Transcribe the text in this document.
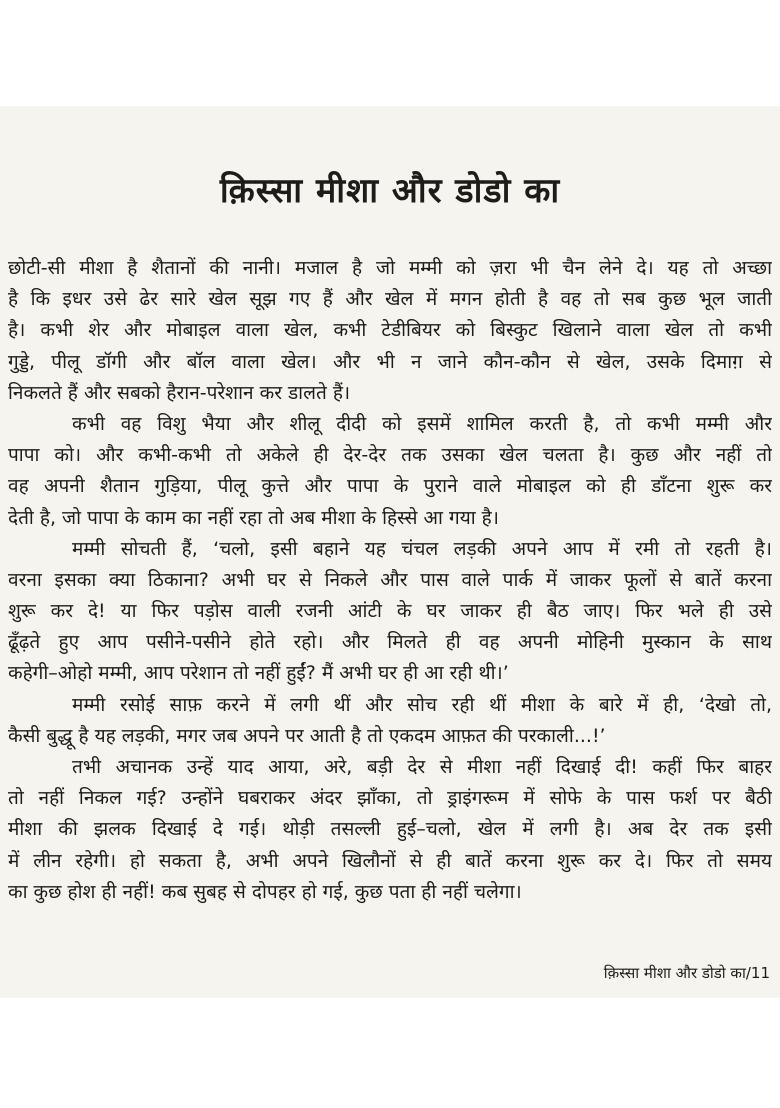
क़िस्सा मीशा और डोडो का
छोटी-सी मीशा है शैतानों की नानी। मजाल है जो मम्मी को ज़रा भी चैन लेने दे। यह तो अच्छा
है कि इधर उसे ढेर सारे खेल सूझ गए हैं और खेल में मगन होती है वह तो सब कुछ भूल जाती
है। कभी शेर और मोबाइल वाला खेल, कभी टेडीबियर को बिस्कुट खिलाने वाला खेल तो कभी
गुड्डे, पीलू डॉगी और बॉल वाला खेल। और भी न जाने कौन-कौन से खेल, उसके दिमाग़ से
निकलते हैं और सबको हैरान-परेशान कर डालते हैं।
कभी वह विशु भैया और शीलू दीदी को इसमें शामिल करती है, तो कभी मम्मी और
पापा को। और कभी-कभी तो अकेले ही देर-देर तक उसका खेल चलता है। कुछ और नहीं तो
वह अपनी शैतान गुड़िया, पीलू कुत्ते और पापा के पुराने वाले मोबाइल को ही डाँटना शुरू कर
देती है, जो पापा के काम का नहीं रहा तो अब मीशा के हिस्से आ गया है।
मम्मी सोचती हैं, ‘चलो, इसी बहाने यह चंचल लड़की अपने आप में रमी तो रहती है।
वरना इसका क्या ठिकाना? अभी घर से निकले और पास वाले पार्क में जाकर फूलों से बातें करना
शुरू कर दे! या फिर पड़ोस वाली रजनी आंटी के घर जाकर ही बैठ जाए। फिर भले ही उसे
ढूँढ़ते हुए आप पसीने-पसीने होते रहो। और मिलते ही वह अपनी मोहिनी मुस्कान के साथ
कहेगी–ओहो मम्मी, आप परेशान तो नहीं हुईं? मैं अभी घर ही आ रही थी।’
मम्मी रसोई साफ़ करने में लगी थीं और सोच रही थीं मीशा के बारे में ही, ‘देखो तो,
कैसी बुद्धू है यह लड़की, मगर जब अपने पर आती है तो एकदम आफ़त की परकाली...!’
तभी अचानक उन्हें याद आया, अरे, बड़ी देर से मीशा नहीं दिखाई दी! कहीं फिर बाहर
तो नहीं निकल गई? उन्होंने घबराकर अंदर झाँका, तो ड्राइंगरूम में सोफे के पास फर्श पर बैठी
मीशा की झलक दिखाई दे गई। थोड़ी तसल्ली हुई–चलो, खेल में लगी है। अब देर तक इसी
में लीन रहेगी। हो सकता है, अभी अपने खिलौनों से ही बातें करना शुरू कर दे। फिर तो समय
का कुछ होश ही नहीं! कब सुबह से दोपहर हो गई, कुछ पता ही नहीं चलेगा।
क़िस्सा मीशा और डोडो का/11
